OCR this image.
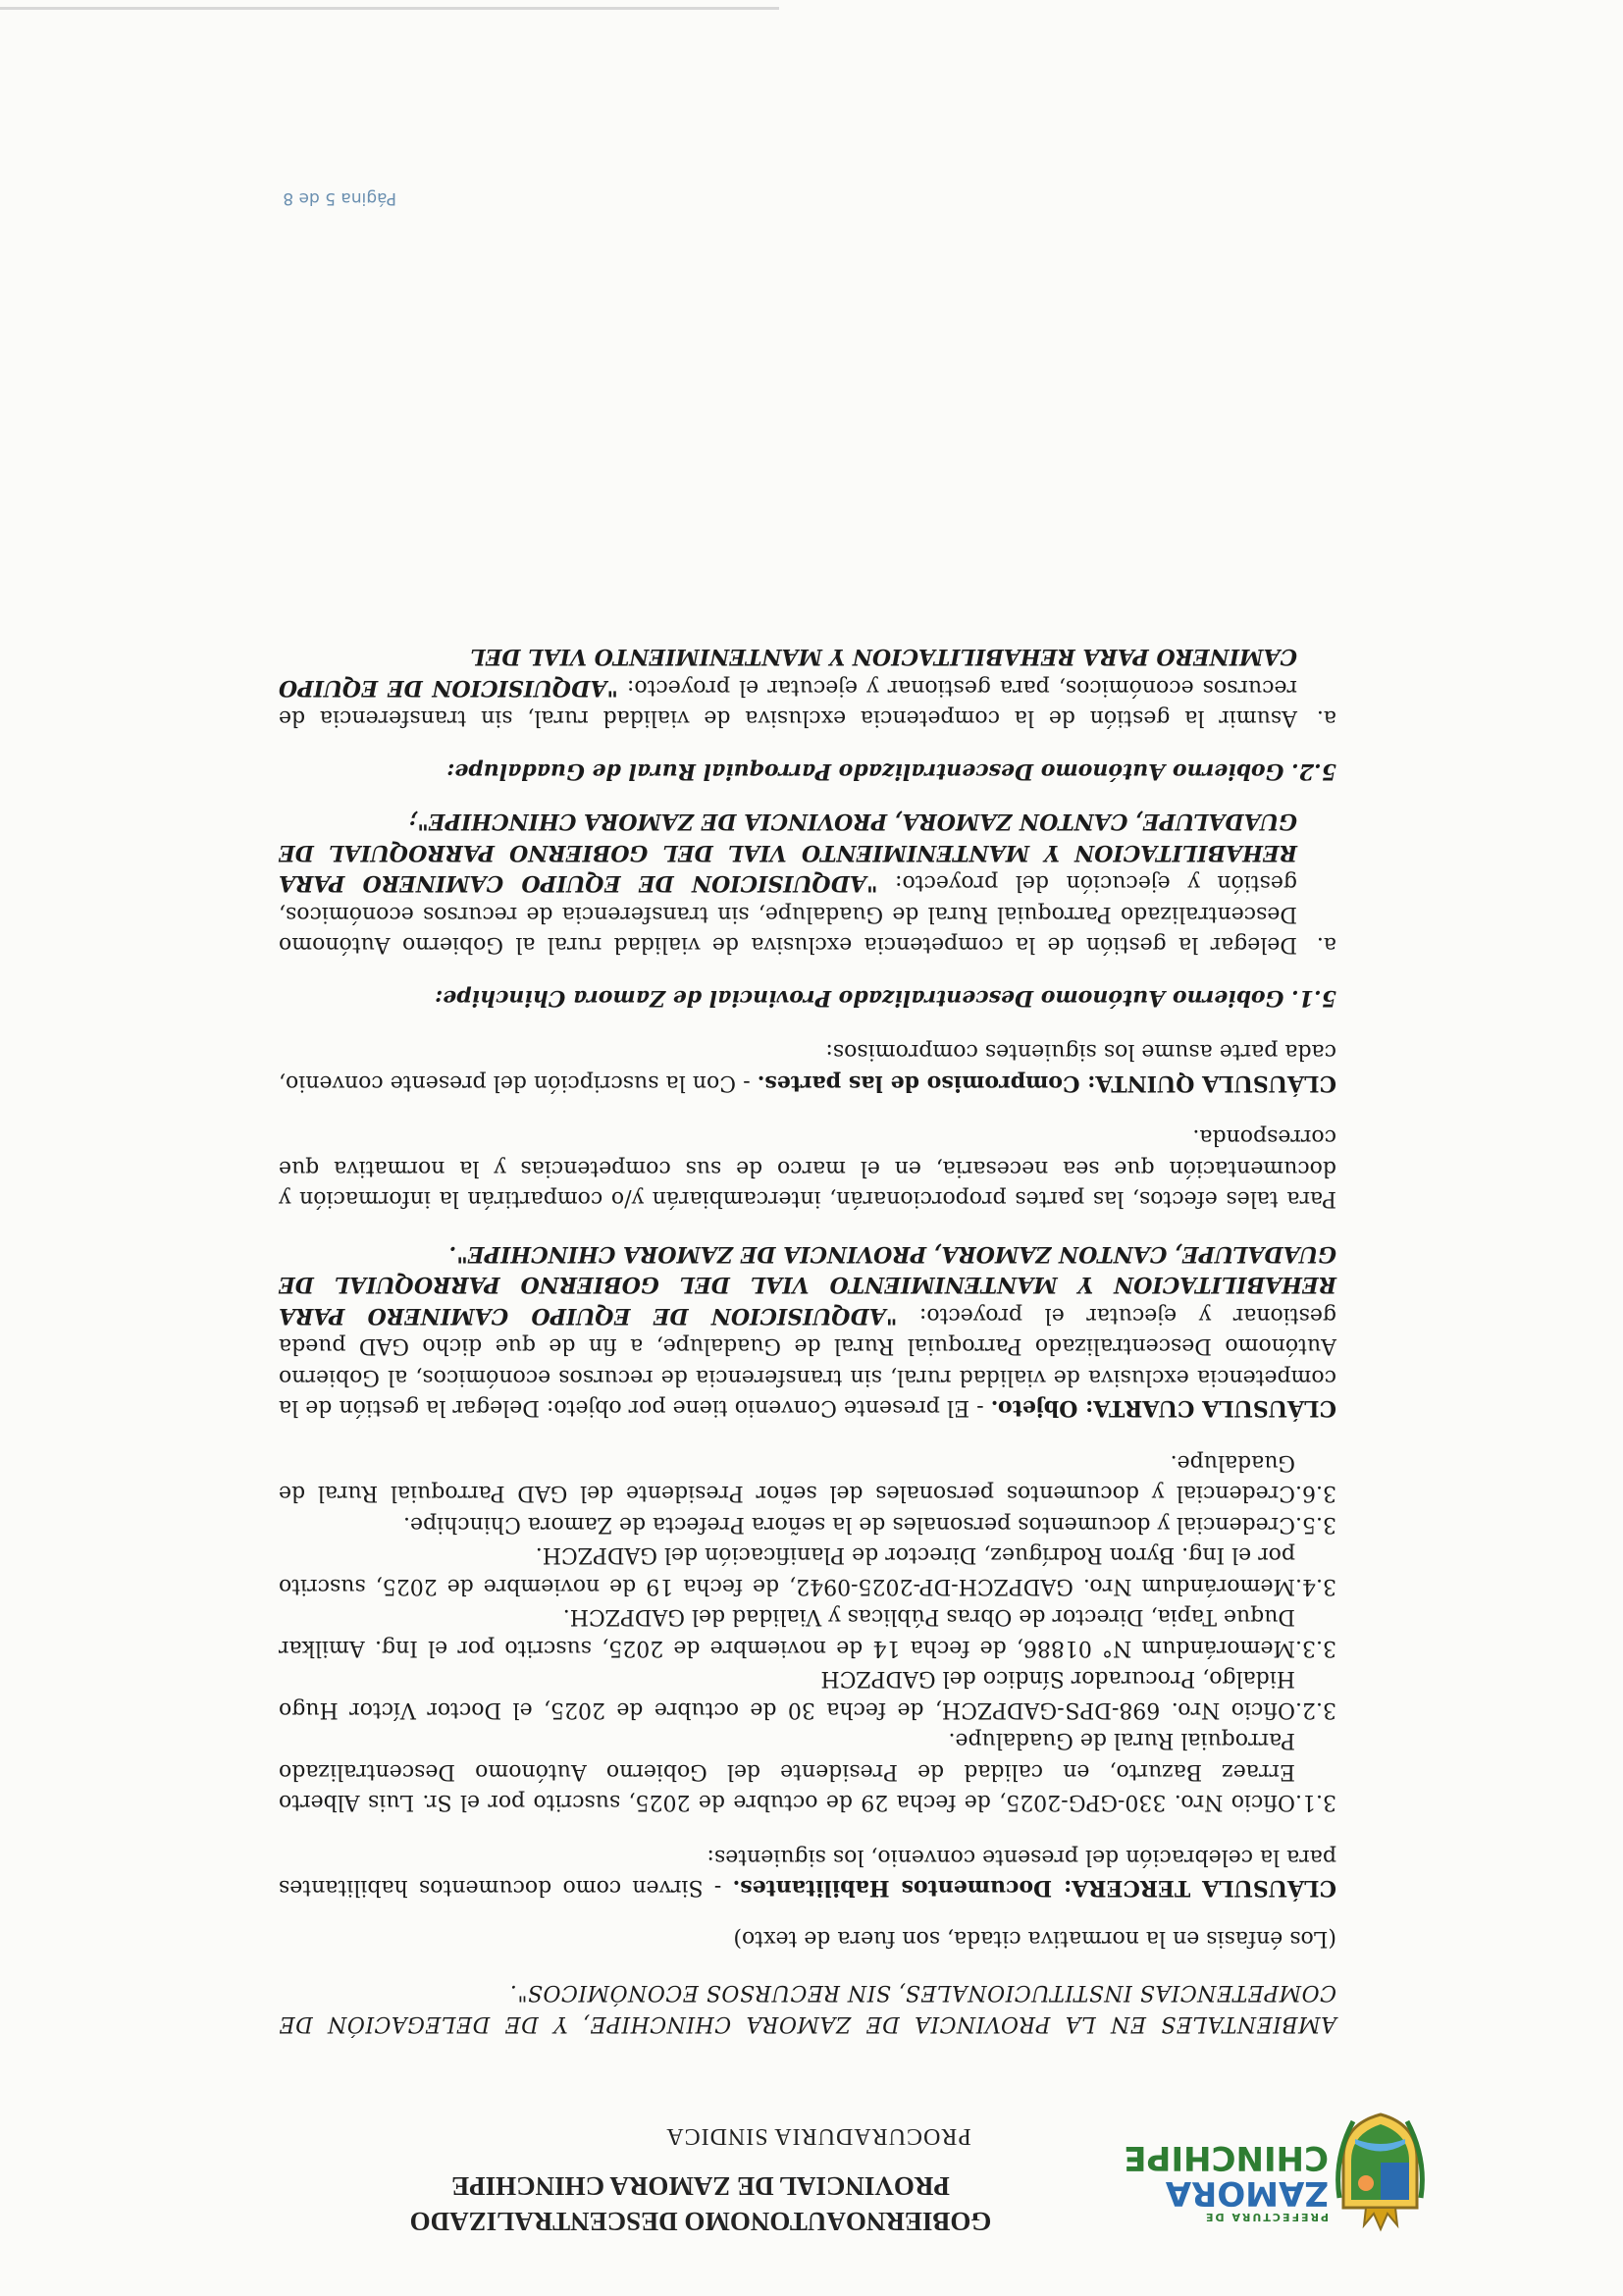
PREFECTURA DE
ZAMORA
CHINCHIPE
GOBIERNOAUTONOMO DESCENTRALIZADO
PROVINCIAL DE ZAMORA CHINCHIPE
PROCURADURIA SINDICA

AMBIENTALES EN LA PROVINCIA DE ZAMORA CHINCHIPE, Y DE DELEGACIÓN DE COMPETENCIAS INSTITUCIONALES, SIN RECURSOS ECONÓMICOS".

(Los énfasis en la normativa citada, son fuera de texto)

CLÁUSULA TERCERA: Documentos Habilitantes. - Sirven como documentos habilitantes para la celebración del presente convenio, los siguientes:

3.1.
Oficio Nro. 330-GPG-2025, de fecha 29 de octubre de 2025, suscrito por el Sr. Luis Alberto Erraez Bazurto, en calidad de Presidente del Gobierno Autónomo Descentralizado Parroquial Rural de Guadalupe.
3.2.
Oficio Nro. 698-DPS-GADPZCH, de fecha 30 de octubre de 2025, el Doctor Víctor Hugo Hidalgo, Procurador Síndico del GADPZCH
3.3.
Memorándum N° 01886, de fecha 14 de noviembre de 2025, suscrito por el Ing. Amilkar Duque Tapia, Director de Obras Públicas y Vialidad del GADPZCH.
3.4.
Memorándum Nro. GADPZCH-DP-2025-0942, de fecha 19 de noviembre de 2025, suscrito por el Ing. Byron Rodríguez, Director de Planificación del GADPZCH.
3.5.
Credencial y documentos personales de la señora Prefecta de Zamora Chinchipe.
3.6.
Credencial y documentos personales del señor Presidente del GAD Parroquial Rural de Guadalupe.

CLÁUSULA CUARTA: Objeto. - El presente Convenio tiene por objeto: Delegar la gestión de la competencia exclusiva de vialidad rural, sin transferencia de recursos económicos, al Gobierno Autónomo Descentralizado Parroquial Rural de Guadalupe, a fin de que dicho GAD pueda gestionar y ejecutar el proyecto: "ADQUISICION DE EQUIPO CAMINERO PARA REHABILITACION Y MANTENIMIENTO VIAL DEL GOBIERNO PARROQUIAL DE GUADALUPE, CANTON ZAMORA, PROVINCIA DE ZAMORA CHINCHIPE".

Para tales efectos, las partes proporcionarán, intercambiarán y/o compartirán la información y documentación que sea necesaria, en el marco de sus competencias y la normativa que corresponda.

CLÁUSULA QUINTA: Compromiso de las partes. - Con la suscripción del presente convenio, cada parte asume los siguientes compromisos:

5.1. Gobierno Autónomo Descentralizado Provincial de Zamora Chinchipe:

a.
Delegar la gestión de la competencia exclusiva de vialidad rural al Gobierno Autónomo Descentralizado Parroquial Rural de Guadalupe, sin transferencia de recursos económicos, gestión y ejecución del proyecto: "ADQUISICION DE EQUIPO CAMINERO PARA REHABILITACION Y MANTENIMIENTO VIAL DEL GOBIERNO PARROQUIAL DE GUADALUPE, CANTON ZAMORA, PROVINCIA DE ZAMORA CHINCHIPE";

5.2. Gobierno Autónomo Descentralizado Parroquial Rural de Guadalupe:

a.
Asumir la gestión de la competencia exclusiva de vialidad rural, sin transferencia de recursos económicos, para gestionar y ejecutar el proyecto: "ADQUISICION DE EQUIPO CAMINERO PARA REHABILITACION Y MANTENIMIENTO VIAL DEL
Página 5 de 8
